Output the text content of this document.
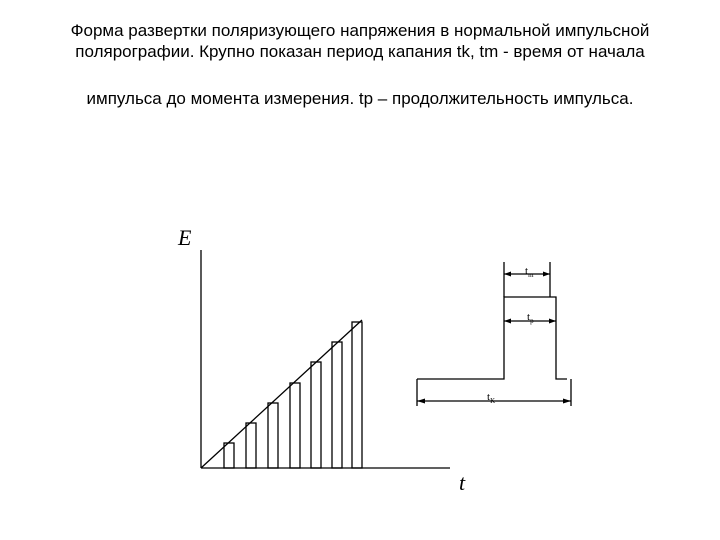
Форма развертки поляризующего напряжения в нормальной импульсной
полярографии. Крупно показан период капания tk, tm - время от начала
импульса до момента измерения. tp – продолжительность импульса.
E
t
$t_m$
$t_p$
$t_K$
